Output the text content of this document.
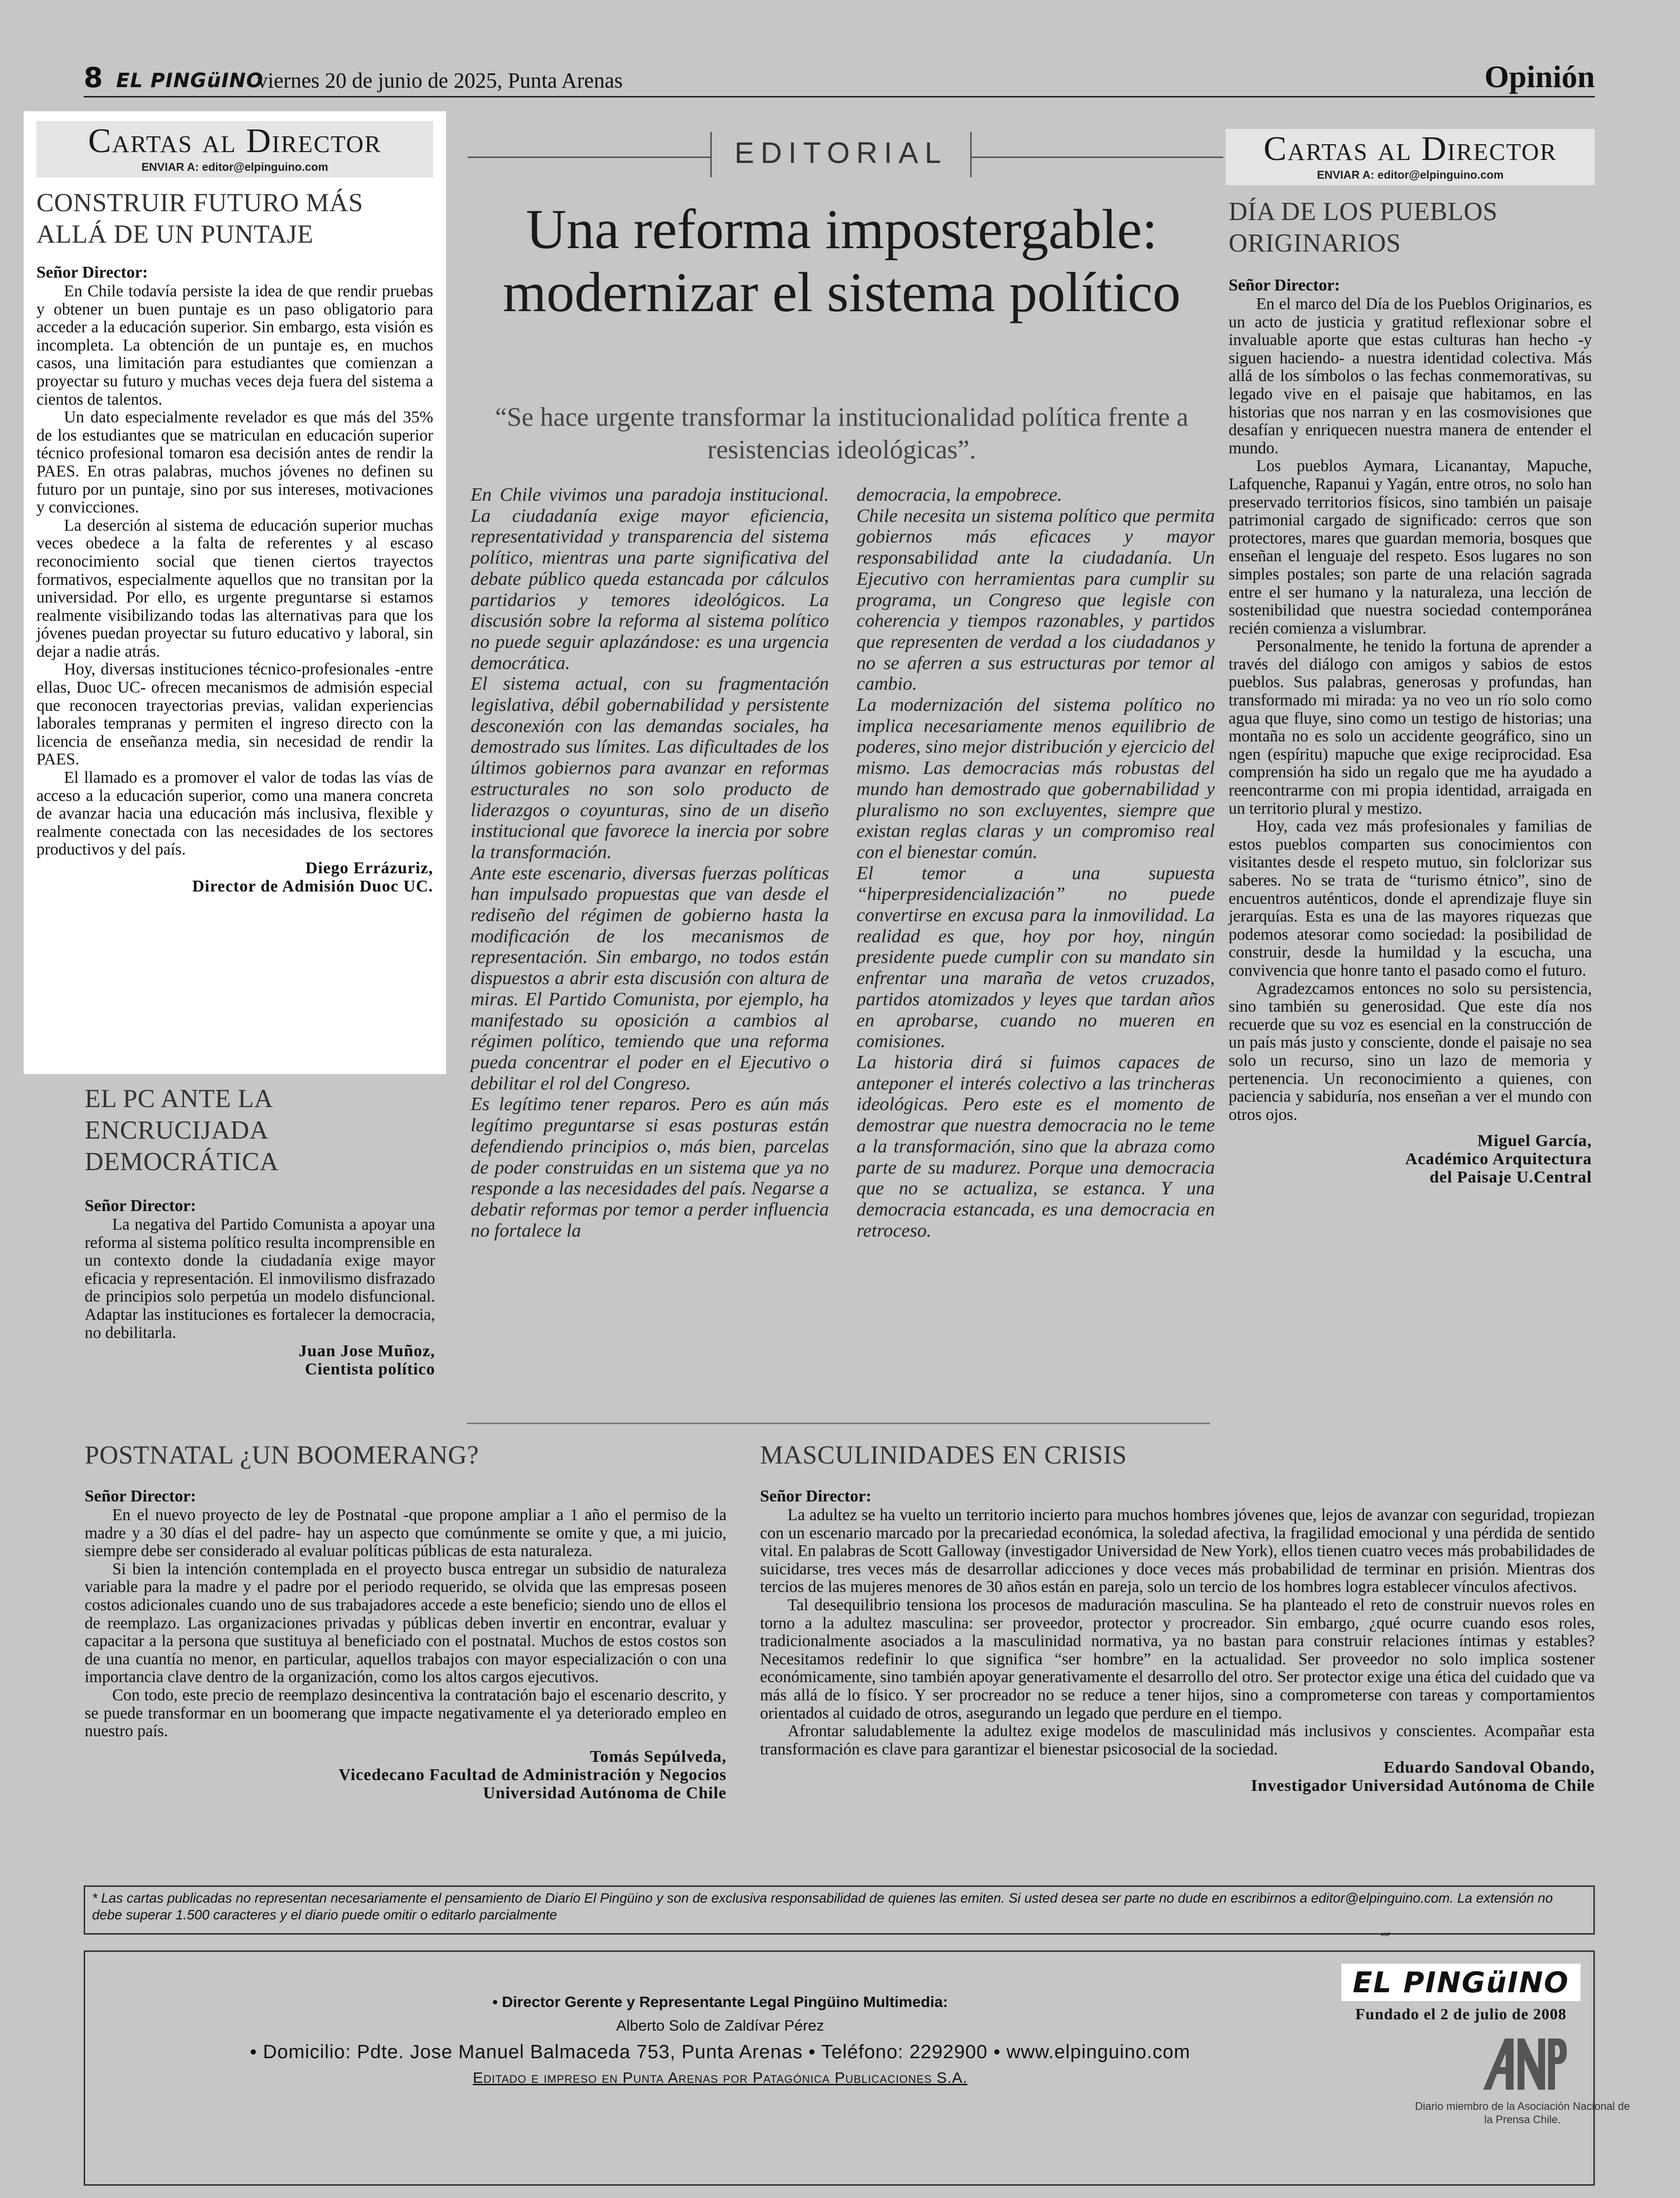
8 EL PINGüINO
viernes 20 de junio de 2025, Punta Arenas	Opinión
Cartas al Director
ENVIAR A: editor@elpinguino.com
CONSTRUIR FUTURO MÁS ALLÁ DE UN PUNTAJE
Señor Director:

En Chile todavía persiste la idea de que rendir pruebas y obtener un buen puntaje es un paso obligatorio para acceder a la educación superior. Sin embargo, esta visión es incompleta. La obtención de un puntaje es, en muchos casos, una limitación para estudiantes que comienzan a proyectar su futuro y muchas veces deja fuera del sistema a cientos de talentos.

Un dato especialmente revelador es que más del 35% de los estudiantes que se matriculan en educación superior técnico profesional tomaron esa decisión antes de rendir la PAES. En otras palabras, muchos jóvenes no definen su futuro por un puntaje, sino por sus intereses, motivaciones y convicciones.

La deserción al sistema de educación superior muchas veces obedece a la falta de referentes y al escaso reconocimiento social que tienen ciertos trayectos formativos, especialmente aquellos que no transitan por la universidad. Por ello, es urgente preguntarse si estamos realmente visibilizando todas las alternativas para que los jóvenes puedan proyectar su futuro educativo y laboral, sin dejar a nadie atrás.

Hoy, diversas instituciones técnico-profesionales -entre ellas, Duoc UC- ofrecen mecanismos de admisión especial que reconocen trayectorias previas, validan experiencias laborales tempranas y permiten el ingreso directo con la licencia de enseñanza media, sin necesidad de rendir la PAES.

El llamado es a promover el valor de todas las vías de acceso a la educación superior, como una manera concreta de avanzar hacia una educación más inclusiva, flexible y realmente conectada con las necesidades de los sectores productivos y del país.

Diego Errázuriz,
Director de Admisión Duoc UC.
EL PC ANTE LA ENCRUCIJADA DEMOCRÁTICA
Señor Director:

La negativa del Partido Comunista a apoyar una reforma al sistema político resulta incomprensible en un contexto donde la ciudadanía exige mayor eficacia y representación. El inmovilismo disfrazado de principios solo perpetúa un modelo disfuncional. Adaptar las instituciones es fortalecer la democracia, no debilitarla.

Juan Jose Muñoz,
Cientista político
EDITORIAL
Una reforma impostergable: modernizar el sistema político
“Se hace urgente transformar la institucionalidad política frente a resistencias ideológicas”.

En Chile vivimos una paradoja institucional. La ciudadanía exige mayor eficiencia, representatividad y transparencia del sistema político, mientras una parte significativa del debate público queda estancada por cálculos partidarios y temores ideológicos. La discusión sobre la reforma al sistema político no puede seguir aplazándose: es una urgencia democrática.

El sistema actual, con su fragmentación legislativa, débil gobernabilidad y persistente desconexión con las demandas sociales, ha demostrado sus límites. Las dificultades de los últimos gobiernos para avanzar en reformas estructurales no son solo producto de liderazgos o coyunturas, sino de un diseño institucional que favorece la inercia por sobre la transformación.

Ante este escenario, diversas fuerzas políticas han impulsado propuestas que van desde el rediseño del régimen de gobierno hasta la modificación de los mecanismos de representación. Sin embargo, no todos están dispuestos a abrir esta discusión con altura de miras. El Partido Comunista, por ejemplo, ha manifestado su oposición a cambios al régimen político, temiendo que una reforma pueda concentrar el poder en el Ejecutivo o debilitar el rol del Congreso.

Es legítimo tener reparos. Pero es aún más legítimo preguntarse si esas posturas están defendiendo principios o, más bien, parcelas de poder construidas en un sistema que ya no responde a las necesidades del país. Negarse a debatir reformas por temor a perder influencia no fortalece la

democracia, la empobrece.

Chile necesita un sistema político que permita gobiernos más eficaces y mayor responsabilidad ante la ciudadanía. Un Ejecutivo con herramientas para cumplir su programa, un Congreso que legisle con coherencia y tiempos razonables, y partidos que representen de verdad a los ciudadanos y no se aferren a sus estructuras por temor al cambio.

La modernización del sistema político no implica necesariamente menos equilibrio de poderes, sino mejor distribución y ejercicio del mismo. Las democracias más robustas del mundo han demostrado que gobernabilidad y pluralismo no son excluyentes, siempre que existan reglas claras y un compromiso real con el bienestar común.

El temor a una supuesta “hiperpresidencialización” no puede convertirse en excusa para la inmovilidad. La realidad es que, hoy por hoy, ningún presidente puede cumplir con su mandato sin enfrentar una maraña de vetos cruzados, partidos atomizados y leyes que tardan años en aprobarse, cuando no mueren en comisiones.

La historia dirá si fuimos capaces de anteponer el interés colectivo a las trincheras ideológicas. Pero este es el momento de demostrar que nuestra democracia no le teme a la transformación, sino que la abraza como parte de su madurez. Porque una democracia que no se actualiza, se estanca. Y una democracia estancada, es una democracia en retroceso.

Cartas al Director
ENVIAR A: editor@elpinguino.com
DÍA DE LOS PUEBLOS ORIGINARIOS
Señor Director:

En el marco del Día de los Pueblos Originarios, es un acto de justicia y gratitud reflexionar sobre el invaluable aporte que estas culturas han hecho -y siguen haciendo- a nuestra identidad colectiva. Más allá de los símbolos o las fechas conmemorativas, su legado vive en el paisaje que habitamos, en las historias que nos narran y en las cosmovisiones que desafían y enriquecen nuestra manera de entender el mundo.

Los pueblos Aymara, Licanantay, Mapuche, Lafquenche, Rapanui y Yagán, entre otros, no solo han preservado territorios físicos, sino también un paisaje patrimonial cargado de significado: cerros que son protectores, mares que guardan memoria, bosques que enseñan el lenguaje del respeto. Esos lugares no son simples postales; son parte de una relación sagrada entre el ser humano y la naturaleza, una lección de sostenibilidad que nuestra sociedad contemporánea recién comienza a vislumbrar.

Personalmente, he tenido la fortuna de aprender a través del diálogo con amigos y sabios de estos pueblos. Sus palabras, generosas y profundas, han transformado mi mirada: ya no veo un río solo como agua que fluye, sino como un testigo de historias; una montaña no es solo un accidente geográfico, sino un ngen (espíritu) mapuche que exige reciprocidad. Esa comprensión ha sido un regalo que me ha ayudado a reencontrarme con mi propia identidad, arraigada en un territorio plural y mestizo.

Hoy, cada vez más profesionales y familias de estos pueblos comparten sus conocimientos con visitantes desde el respeto mutuo, sin folclorizar sus saberes. No se trata de “turismo étnico”, sino de encuentros auténticos, donde el aprendizaje fluye sin jerarquías. Esta es una de las mayores riquezas que podemos atesorar como sociedad: la posibilidad de construir, desde la humildad y la escucha, una convivencia que honre tanto el pasado como el futuro.

Agradezcamos entonces no solo su persistencia, sino también su generosidad. Que este día nos recuerde que su voz es esencial en la construcción de un país más justo y consciente, donde el paisaje no sea solo un recurso, sino un lazo de memoria y pertenencia. Un reconocimiento a quienes, con paciencia y sabiduría, nos enseñan a ver el mundo con otros ojos.

Miguel García,
Académico Arquitectura
del Paisaje U.Central
POSTNATAL ¿UN BOOMERANG?
Señor Director:

En el nuevo proyecto de ley de Postnatal -que propone ampliar a 1 año el permiso de la madre y a 30 días el del padre- hay un aspecto que comúnmente se omite y que, a mi juicio, siempre debe ser considerado al evaluar políticas públicas de esta naturaleza.

Si bien la intención contemplada en el proyecto busca entregar un subsidio de naturaleza variable para la madre y el padre por el periodo requerido, se olvida que las empresas poseen costos adicionales cuando uno de sus trabajadores accede a este beneficio; siendo uno de ellos el de reemplazo. Las organizaciones privadas y públicas deben invertir en encontrar, evaluar y capacitar a la persona que sustituya al beneficiado con el postnatal. Muchos de estos costos son de una cuantía no menor, en particular, aquellos trabajos con mayor especialización o con una importancia clave dentro de la organización, como los altos cargos ejecutivos.

Con todo, este precio de reemplazo desincentiva la contratación bajo el escenario descrito, y se puede transformar en un boomerang que impacte negativamente el ya deteriorado empleo en nuestro país.

Tomás Sepúlveda,
Vicedecano Facultad de Administración y Negocios
Universidad Autónoma de Chile
MASCULINIDADES EN CRISIS
Señor Director:

La adultez se ha vuelto un territorio incierto para muchos hombres jóvenes que, lejos de avanzar con seguridad, tropiezan con un escenario marcado por la precariedad económica, la soledad afectiva, la fragilidad emocional y una pérdida de sentido vital. En palabras de Scott Galloway (investigador Universidad de New York), ellos tienen cuatro veces más probabilidades de suicidarse, tres veces más de desarrollar adicciones y doce veces más probabilidad de terminar en prisión. Mientras dos tercios de las mujeres menores de 30 años están en pareja, solo un tercio de los hombres logra establecer vínculos afectivos.

Tal desequilibrio tensiona los procesos de maduración masculina. Se ha planteado el reto de construir nuevos roles en torno a la adultez masculina: ser proveedor, protector y procreador. Sin embargo, ¿qué ocurre cuando esos roles, tradicionalmente asociados a la masculinidad normativa, ya no bastan para construir relaciones íntimas y estables? Necesitamos redefinir lo que significa “ser hombre” en la actualidad. Ser proveedor no solo implica sostener económicamente, sino también apoyar generativamente el desarrollo del otro. Ser protector exige una ética del cuidado que va más allá de lo físico. Y ser procreador no se reduce a tener hijos, sino a comprometerse con tareas y comportamientos orientados al cuidado de otros, asegurando un legado que perdure en el tiempo.

Afrontar saludablemente la adultez exige modelos de masculinidad más inclusivos y conscientes. Acompañar esta transformación es clave para garantizar el bienestar psicosocial de la sociedad.

Eduardo Sandoval Obando,
Investigador Universidad Autónoma de Chile
* Las cartas publicadas no representan necesariamente el pensamiento de Diario El Pingüino y son de exclusiva responsabilidad de quienes las emiten. Si usted desea ser parte no dude en escribirnos a editor@elpinguino.com. La extensión no debe superar 1.500 caracteres y el diario puede omitir o editarlo parcialmente
• Director Gerente y Representante Legal Pingüino Multimedia:
Alberto Solo de Zaldívar Pérez
• Domicilio: Pdte. Jose Manuel Balmaceda 753, Punta Arenas • Teléfono: 2292900 • www.elpinguino.com
Editado e impreso en Punta Arenas por Patagónica Publicaciones S.A.
EL PINGüINO
Fundado el 2 de julio de 2008
ANP
Diario miembro de la Asociación Nacional de la Prensa Chile.
